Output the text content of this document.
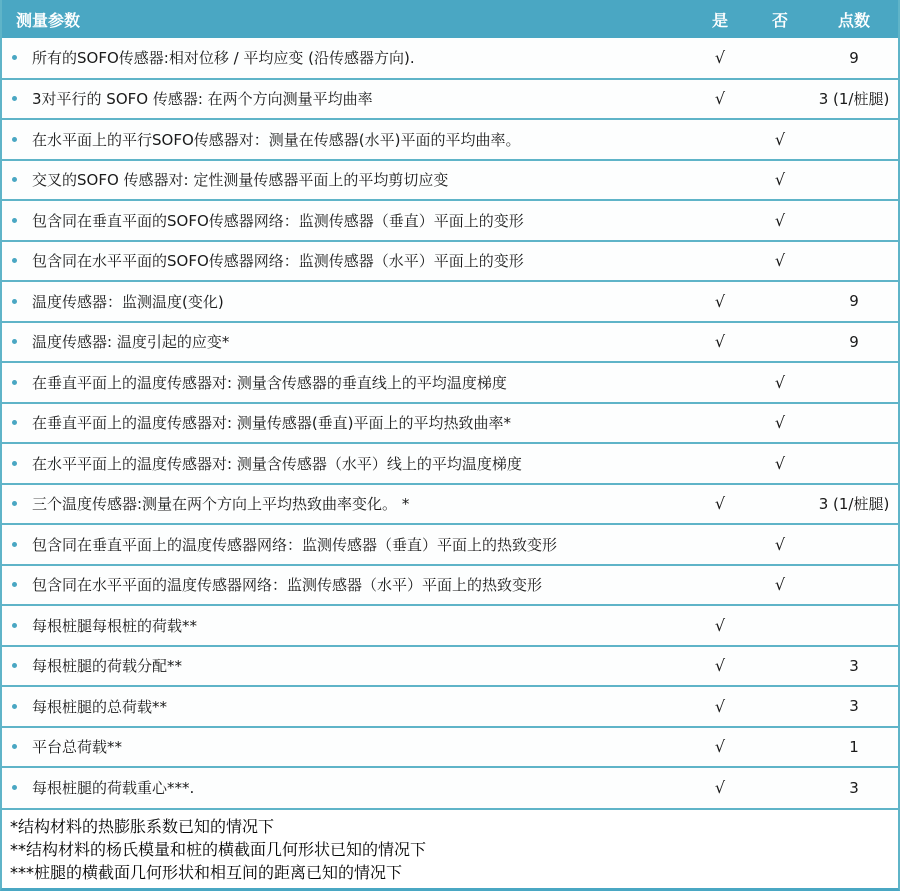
测量参数	是	否	点数

所有的SOFO传感器:相对位移 / 平均应变 (沿传感器方向).	√		9

3对平行的 SOFO 传感器: 在两个方向测量平均曲率	√		3 (1/桩腿)

在水平面上的平行SOFO传感器对：测量在传感器(水平)平面的平均曲率。		√	

交叉的SOFO 传感器对: 定性测量传感器平面上的平均剪切应变		√	

包含同在垂直平面的SOFO传感器网络：监测传感器（垂直）平面上的变形		√	

包含同在水平平面的SOFO传感器网络：监测传感器（水平）平面上的变形		√	

温度传感器：监测温度(变化)	√		9

温度传感器: 温度引起的应变*	√		9

在垂直平面上的温度传感器对: 测量含传感器的垂直线上的平均温度梯度		√	

在垂直平面上的温度传感器对: 测量传感器(垂直)平面上的平均热致曲率*		√	

在水平平面上的温度传感器对: 测量含传感器（水平）线上的平均温度梯度		√	

三个温度传感器:测量在两个方向上平均热致曲率变化。 *	√		3 (1/桩腿)

包含同在垂直平面上的温度传感器网络：监测传感器（垂直）平面上的热致变形		√	

包含同在水平平面的温度传感器网络：监测传感器（水平）平面上的热致变形		√	

每根桩腿每根桩的荷载**	√		

每根桩腿的荷载分配**	√		3

每根桩腿的总荷载**	√		3

平台总荷载**	√		1

每根桩腿的荷载重心***.	√		3
*结构材料的热膨胀系数已知的情况下
**结构材料的杨氏模量和桩的横截面几何形状已知的情况下
***桩腿的横截面几何形状和相互间的距离已知的情况下
